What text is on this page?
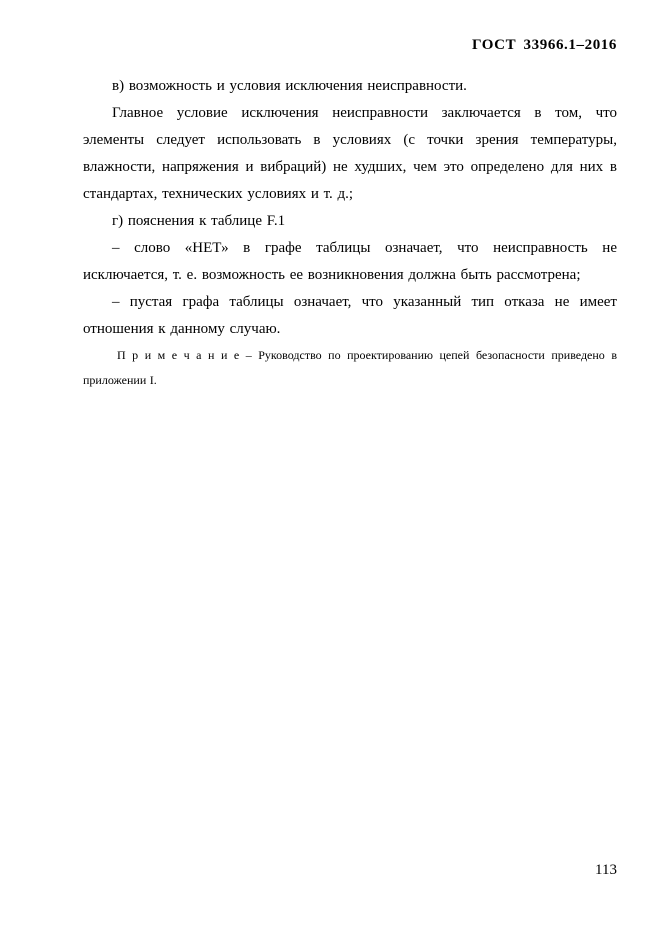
ГОСТ 33966.1–2016
в) возможность и условия исключения неисправности.
Главное условие исключения неисправности заключается в том, что
элементы следует использовать в условиях (с точки зрения температуры,
влажности, напряжения и вибраций) не худших, чем это определено для них в
стандартах, технических условиях и т. д.;
г) пояснения к таблице F.1
– слово «НЕТ» в графе таблицы означает, что неисправность не
исключается, т. е. возможность ее возникновения должна быть рассмотрена;
– пустая графа таблицы означает, что указанный тип отказа не имеет
отношения к данному случаю.
П р и м е ч а н и е – Руководство по проектированию цепей безопасности приведено в
приложении I.
113
